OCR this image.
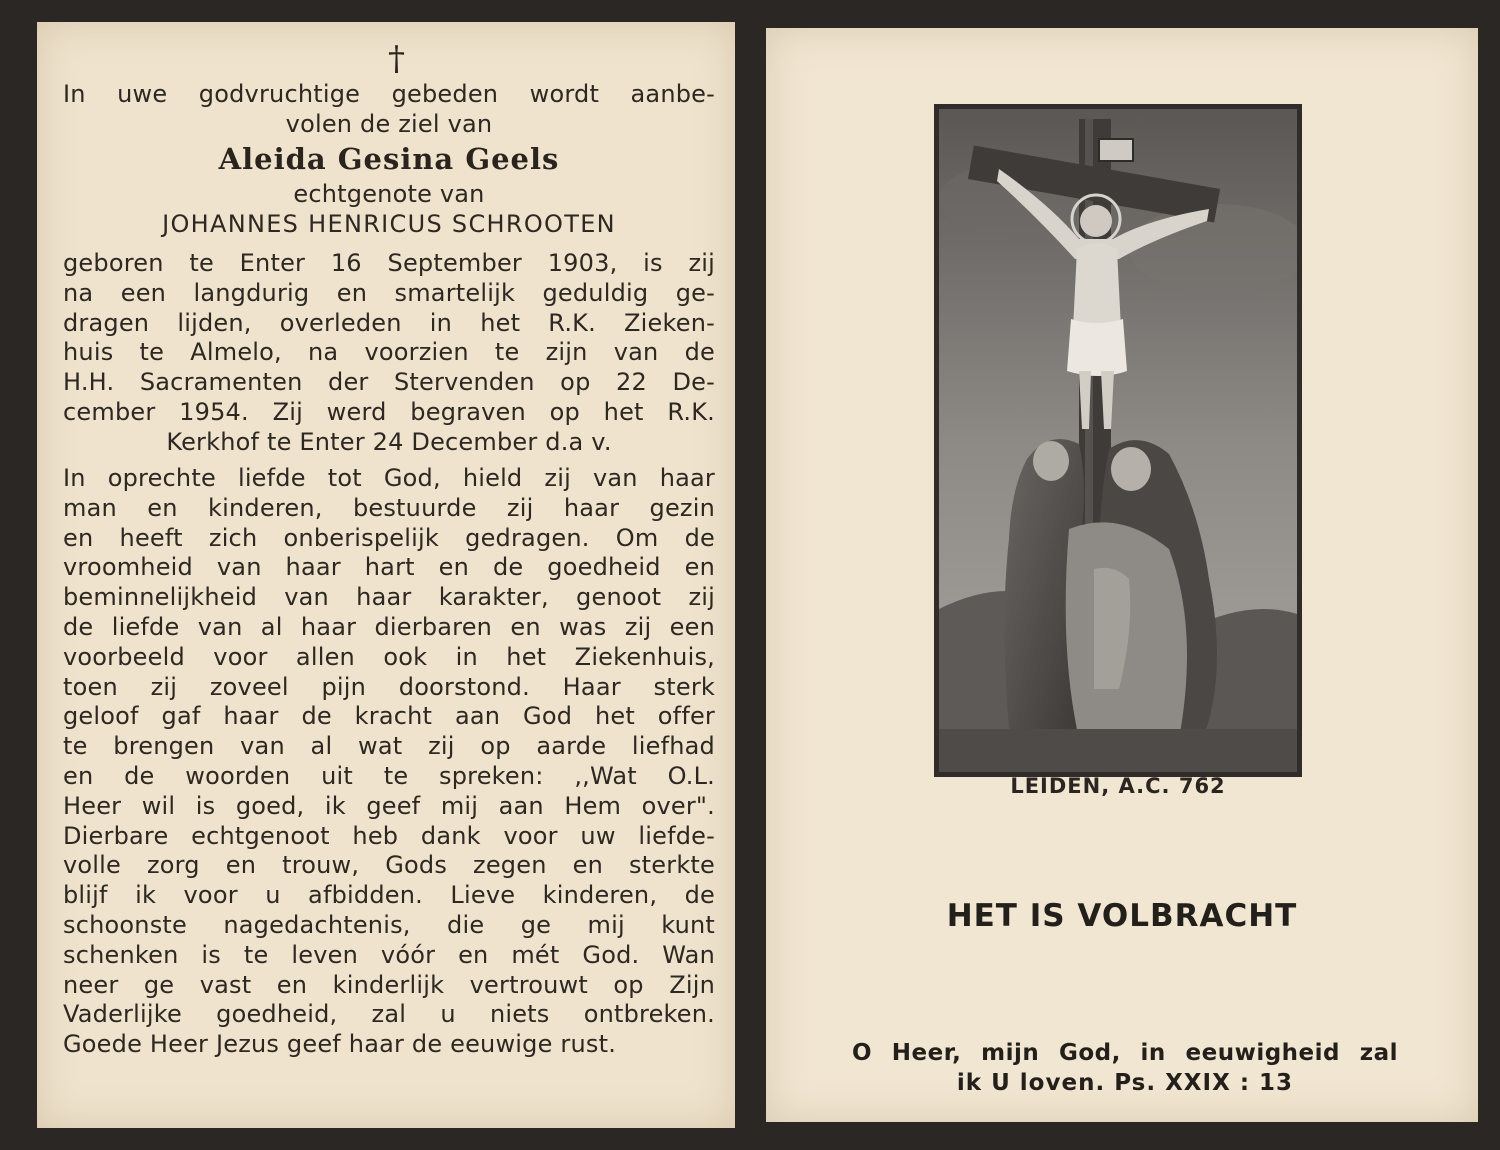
†
In uwe godvruchtige gebeden wordt aanbe-
volen de ziel van
Aleida Gesina Geels
echtgenote van
JOHANNES HENRICUS SCHROOTEN
geboren te Enter 16 September 1903, is zij
na een langdurig en smartelijk geduldig ge-
dragen lijden, overleden in het R.K. Zieken-
huis te Almelo, na voorzien te zijn van de
H.H. Sacramenten der Stervenden op 22 De-
cember 1954. Zij werd begraven op het R.K.
Kerkhof te Enter 24 December d.a v.
In oprechte liefde tot God, hield zij van haar
man en kinderen, bestuurde zij haar gezin
en heeft zich onberispelijk gedragen. Om de
vroomheid van haar hart en de goedheid en
beminnelijkheid van haar karakter, genoot zij
de liefde van al haar dierbaren en was zij een
voorbeeld voor allen ook in het Ziekenhuis,
toen zij zoveel pijn doorstond. Haar sterk
geloof gaf haar de kracht aan God het offer
te brengen van al wat zij op aarde liefhad
en de woorden uit te spreken: ,,Wat O.L.
Heer wil is goed, ik geef mij aan Hem over".
Dierbare echtgenoot heb dank voor uw liefde-
volle zorg en trouw, Gods zegen en sterkte
blijf ik voor u afbidden. Lieve kinderen, de
schoonste nagedachtenis, die ge mij kunt
schenken is te leven vóór en mét God. Wan
neer ge vast en kinderlijk vertrouwt op Zijn
Vaderlijke goedheid, zal u niets ontbreken.
Goede Heer Jezus geef haar de eeuwige rust.
LEIDEN, A.C. 762
HET IS VOLBRACHT
O Heer, mijn God, in eeuwigheid zal
ik U loven. Ps. XXIX : 13
